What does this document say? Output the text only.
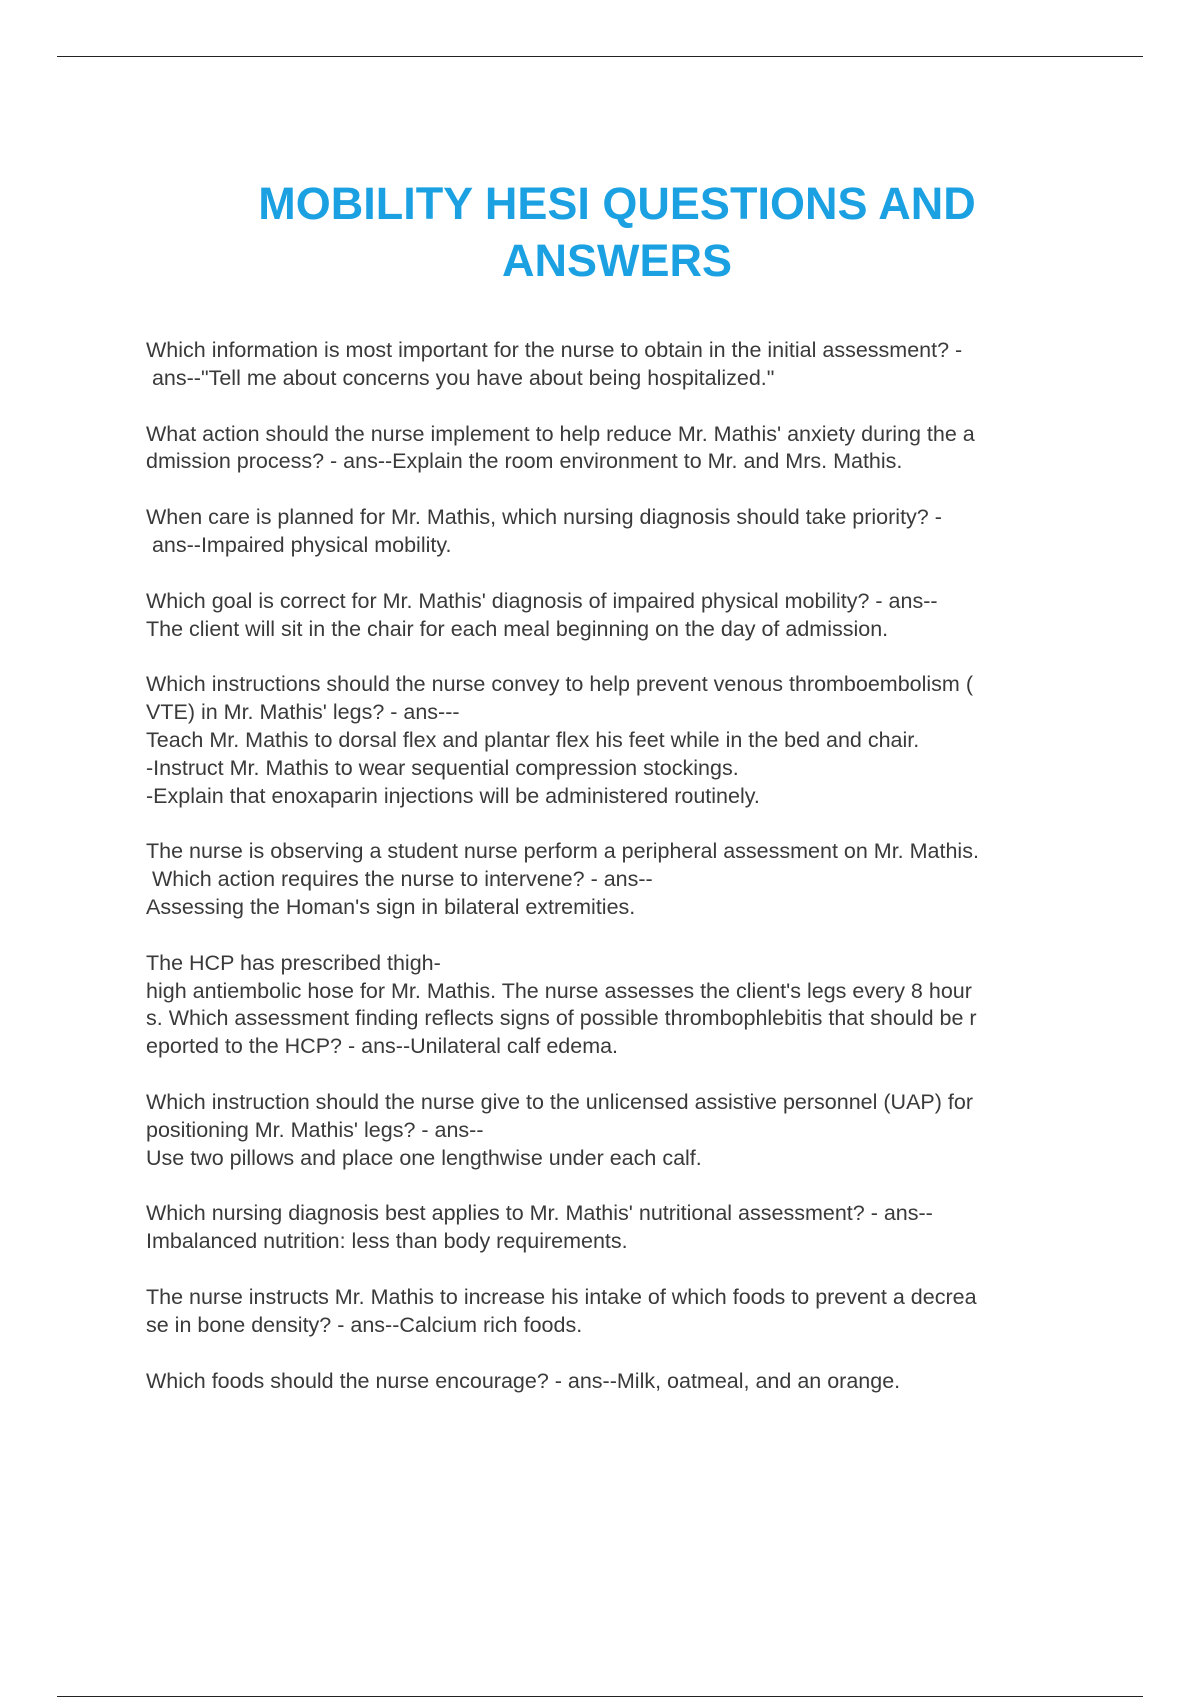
MOBILITY HESI QUESTIONS AND
ANSWERS

Which information is most important for the nurse to obtain in the initial assessment? -
ans--"Tell me about concerns you have about being hospitalized."

What action should the nurse implement to help reduce Mr. Mathis' anxiety during the a
dmission process? - ans--Explain the room environment to Mr. and Mrs. Mathis.

When care is planned for Mr. Mathis, which nursing diagnosis should take priority? -
ans--Impaired physical mobility.

Which goal is correct for Mr. Mathis' diagnosis of impaired physical mobility? - ans--
The client will sit in the chair for each meal beginning on the day of admission.

Which instructions should the nurse convey to help prevent venous thromboembolism (
VTE) in Mr. Mathis' legs? - ans---
Teach Mr. Mathis to dorsal flex and plantar flex his feet while in the bed and chair.
-Instruct Mr. Mathis to wear sequential compression stockings.
-Explain that enoxaparin injections will be administered routinely.

The nurse is observing a student nurse perform a peripheral assessment on Mr. Mathis.
Which action requires the nurse to intervene? - ans--
Assessing the Homan's sign in bilateral extremities.

The HCP has prescribed thigh-
high antiembolic hose for Mr. Mathis. The nurse assesses the client's legs every 8 hour
s. Which assessment finding reflects signs of possible thrombophlebitis that should be r
eported to the HCP? - ans--Unilateral calf edema.

Which instruction should the nurse give to the unlicensed assistive personnel (UAP) for
positioning Mr. Mathis' legs? - ans--
Use two pillows and place one lengthwise under each calf.

Which nursing diagnosis best applies to Mr. Mathis' nutritional assessment? - ans--
Imbalanced nutrition: less than body requirements.

The nurse instructs Mr. Mathis to increase his intake of which foods to prevent a decrea
se in bone density? - ans--Calcium rich foods.

Which foods should the nurse encourage? - ans--Milk, oatmeal, and an orange.
